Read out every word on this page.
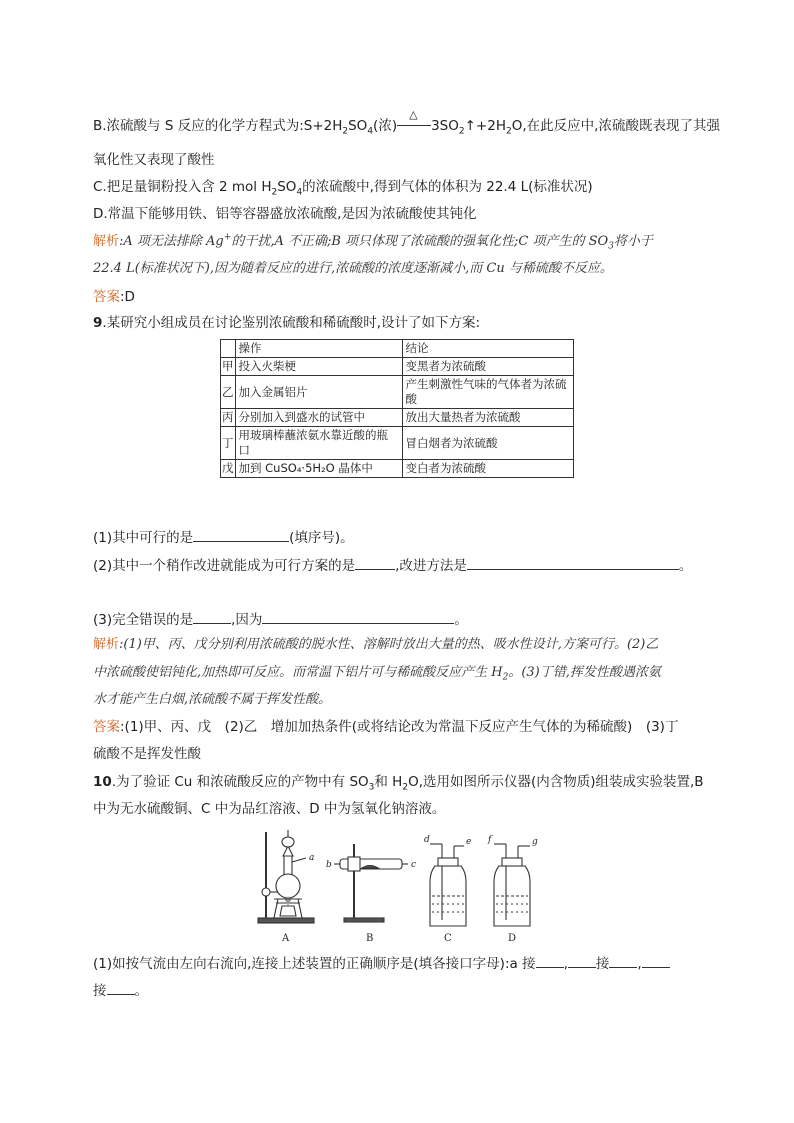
B.浓硫酸与 S 反应的化学方程式为$:S+2H_2SO_4$(浓)
△
$3SO_2↑+2H_2O$,在此反应中,浓硫酸既表现了其强
氧化性又表现了酸性
C.把足量铜粉投入含 2 mol $H_2SO_4$的浓硫酸中,得到气体的体积为 22.4 L(标准状况)
D.常温下能够用铁、铝等容器盛放浓硫酸,是因为浓硫酸使其钝化
解析:A 项无法排除 Ag+的干扰,A 不正确;B 项只体现了浓硫酸的强氧化性;C 项产生的 $SO_3$将小于
22.4 L(标准状况下),因为随着反应的进行,浓硫酸的浓度逐渐减小,而 Cu 与稀硫酸不反应。
答案:D
9.某研究小组成员在讨论鉴别浓硫酸和稀硫酸时,设计了如下方案:
	操作	结论
甲	投入火柴梗	变黑者为浓硫酸
乙	加入金属铝片	产生刺激性气味的气体者为浓硫酸
丙	分别加入到盛水的试管中	放出大量热者为浓硫酸
丁	用玻璃棒蘸浓氨水靠近酸的瓶口	冒白烟者为浓硫酸
戊	加到 CuSO₄·5H₂O 晶体中	变白者为浓硫酸
(1)其中可行的是	(填序号)。
(2)其中一个稍作改进就能成为可行方案的是	,改进方法是	。
(3)完全错误的是	,因为	。
解析:(1)甲、丙、戊分别利用浓硫酸的脱水性、溶解时放出大量的热、吸水性设计,方案可行。(2)乙
中浓硫酸使铝钝化,加热即可反应。而常温下铝片可与稀硫酸反应产生 $H_2$。(3)丁错,挥发性酸遇浓氨
水才能产生白烟,浓硫酸不属于挥发性酸。
答案:(1)甲、丙、戊　(2)乙　增加加热条件(或将结论改为常温下反应产生气体的为稀硫酸)　(3)丁
硫酸不是挥发性酸
10.为了验证 Cu 和浓硫酸反应的产物中有 $SO_3$和 $H_2O$,选用如图所示仪器(内含物质)组装成实验装置,B
中为无水硫酸铜、C 中为品红溶液、D 中为氢氧化钠溶液。
a
b	c
d	e f	g
A	B	C	D
(1)如按气流由左向右流向,连接上述装置的正确顺序是(填各接口字母):a 接 , 接 ,
接 。
